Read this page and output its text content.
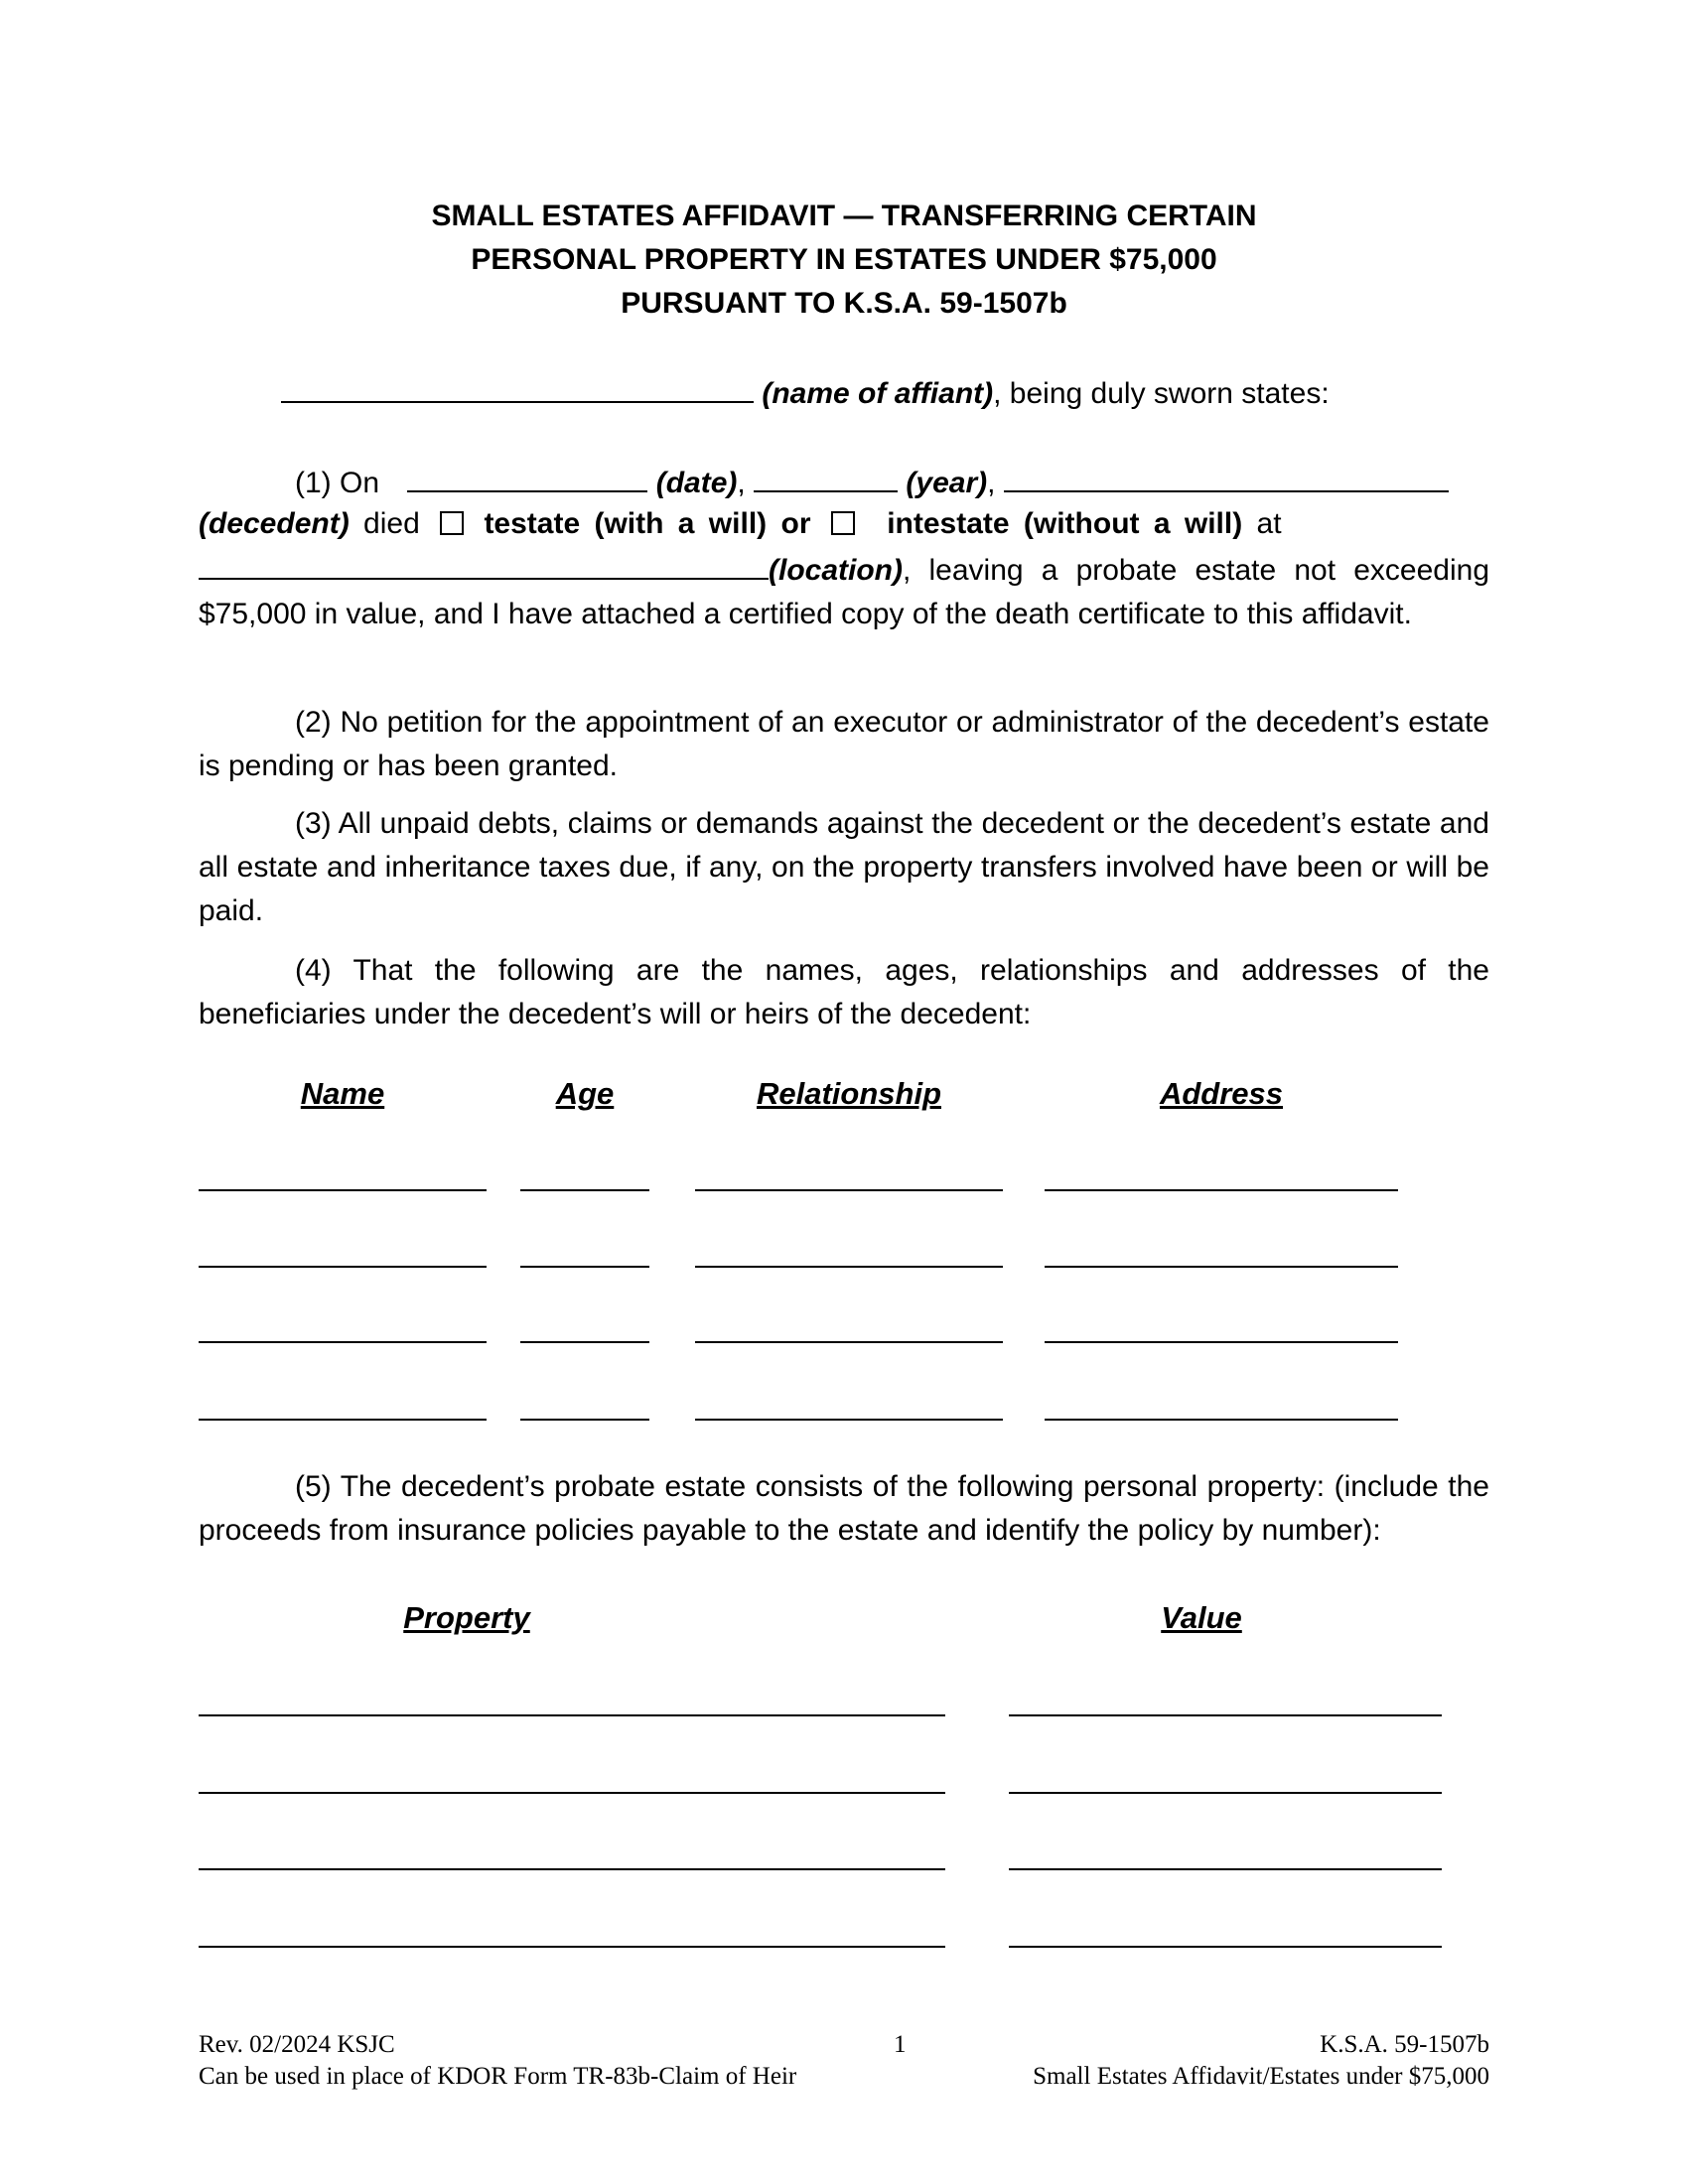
SMALL ESTATES AFFIDAVIT — TRANSFERRING CERTAIN
PERSONAL PROPERTY IN ESTATES UNDER $75,000
PURSUANT TO K.S.A. 59-1507b
(name of affiant), being duly sworn states:
(1) On	(date),	(year),
(decedent) died testate (with a will) or	intestate (without a will) at
(location), leaving a probate estate not exceeding $75,000 in value, and I have attached a certified copy of the death certificate to this affidavit.
(2) No petition for the appointment of an executor or administrator of the decedent’s estate is pending or has been granted.
(3) All unpaid debts, claims or demands against the decedent or the decedent’s estate and all estate and inheritance taxes due, if any, on the property transfers involved have been or will be paid.
(4) That the following are the names, ages, relationships and addresses of the beneficiaries under the decedent’s will or heirs of the decedent:
Name	Age	Relationship	Address
(5) The decedent’s probate estate consists of the following personal property: (include the proceeds from insurance policies payable to the estate and identify the policy by number):
Property	Value
Rev. 02/2024 KSJC
Can be used in place of KDOR Form TR-83b-Claim of Heir
1	K.S.A. 59-1507b
Small Estates Affidavit/Estates under $75,000
